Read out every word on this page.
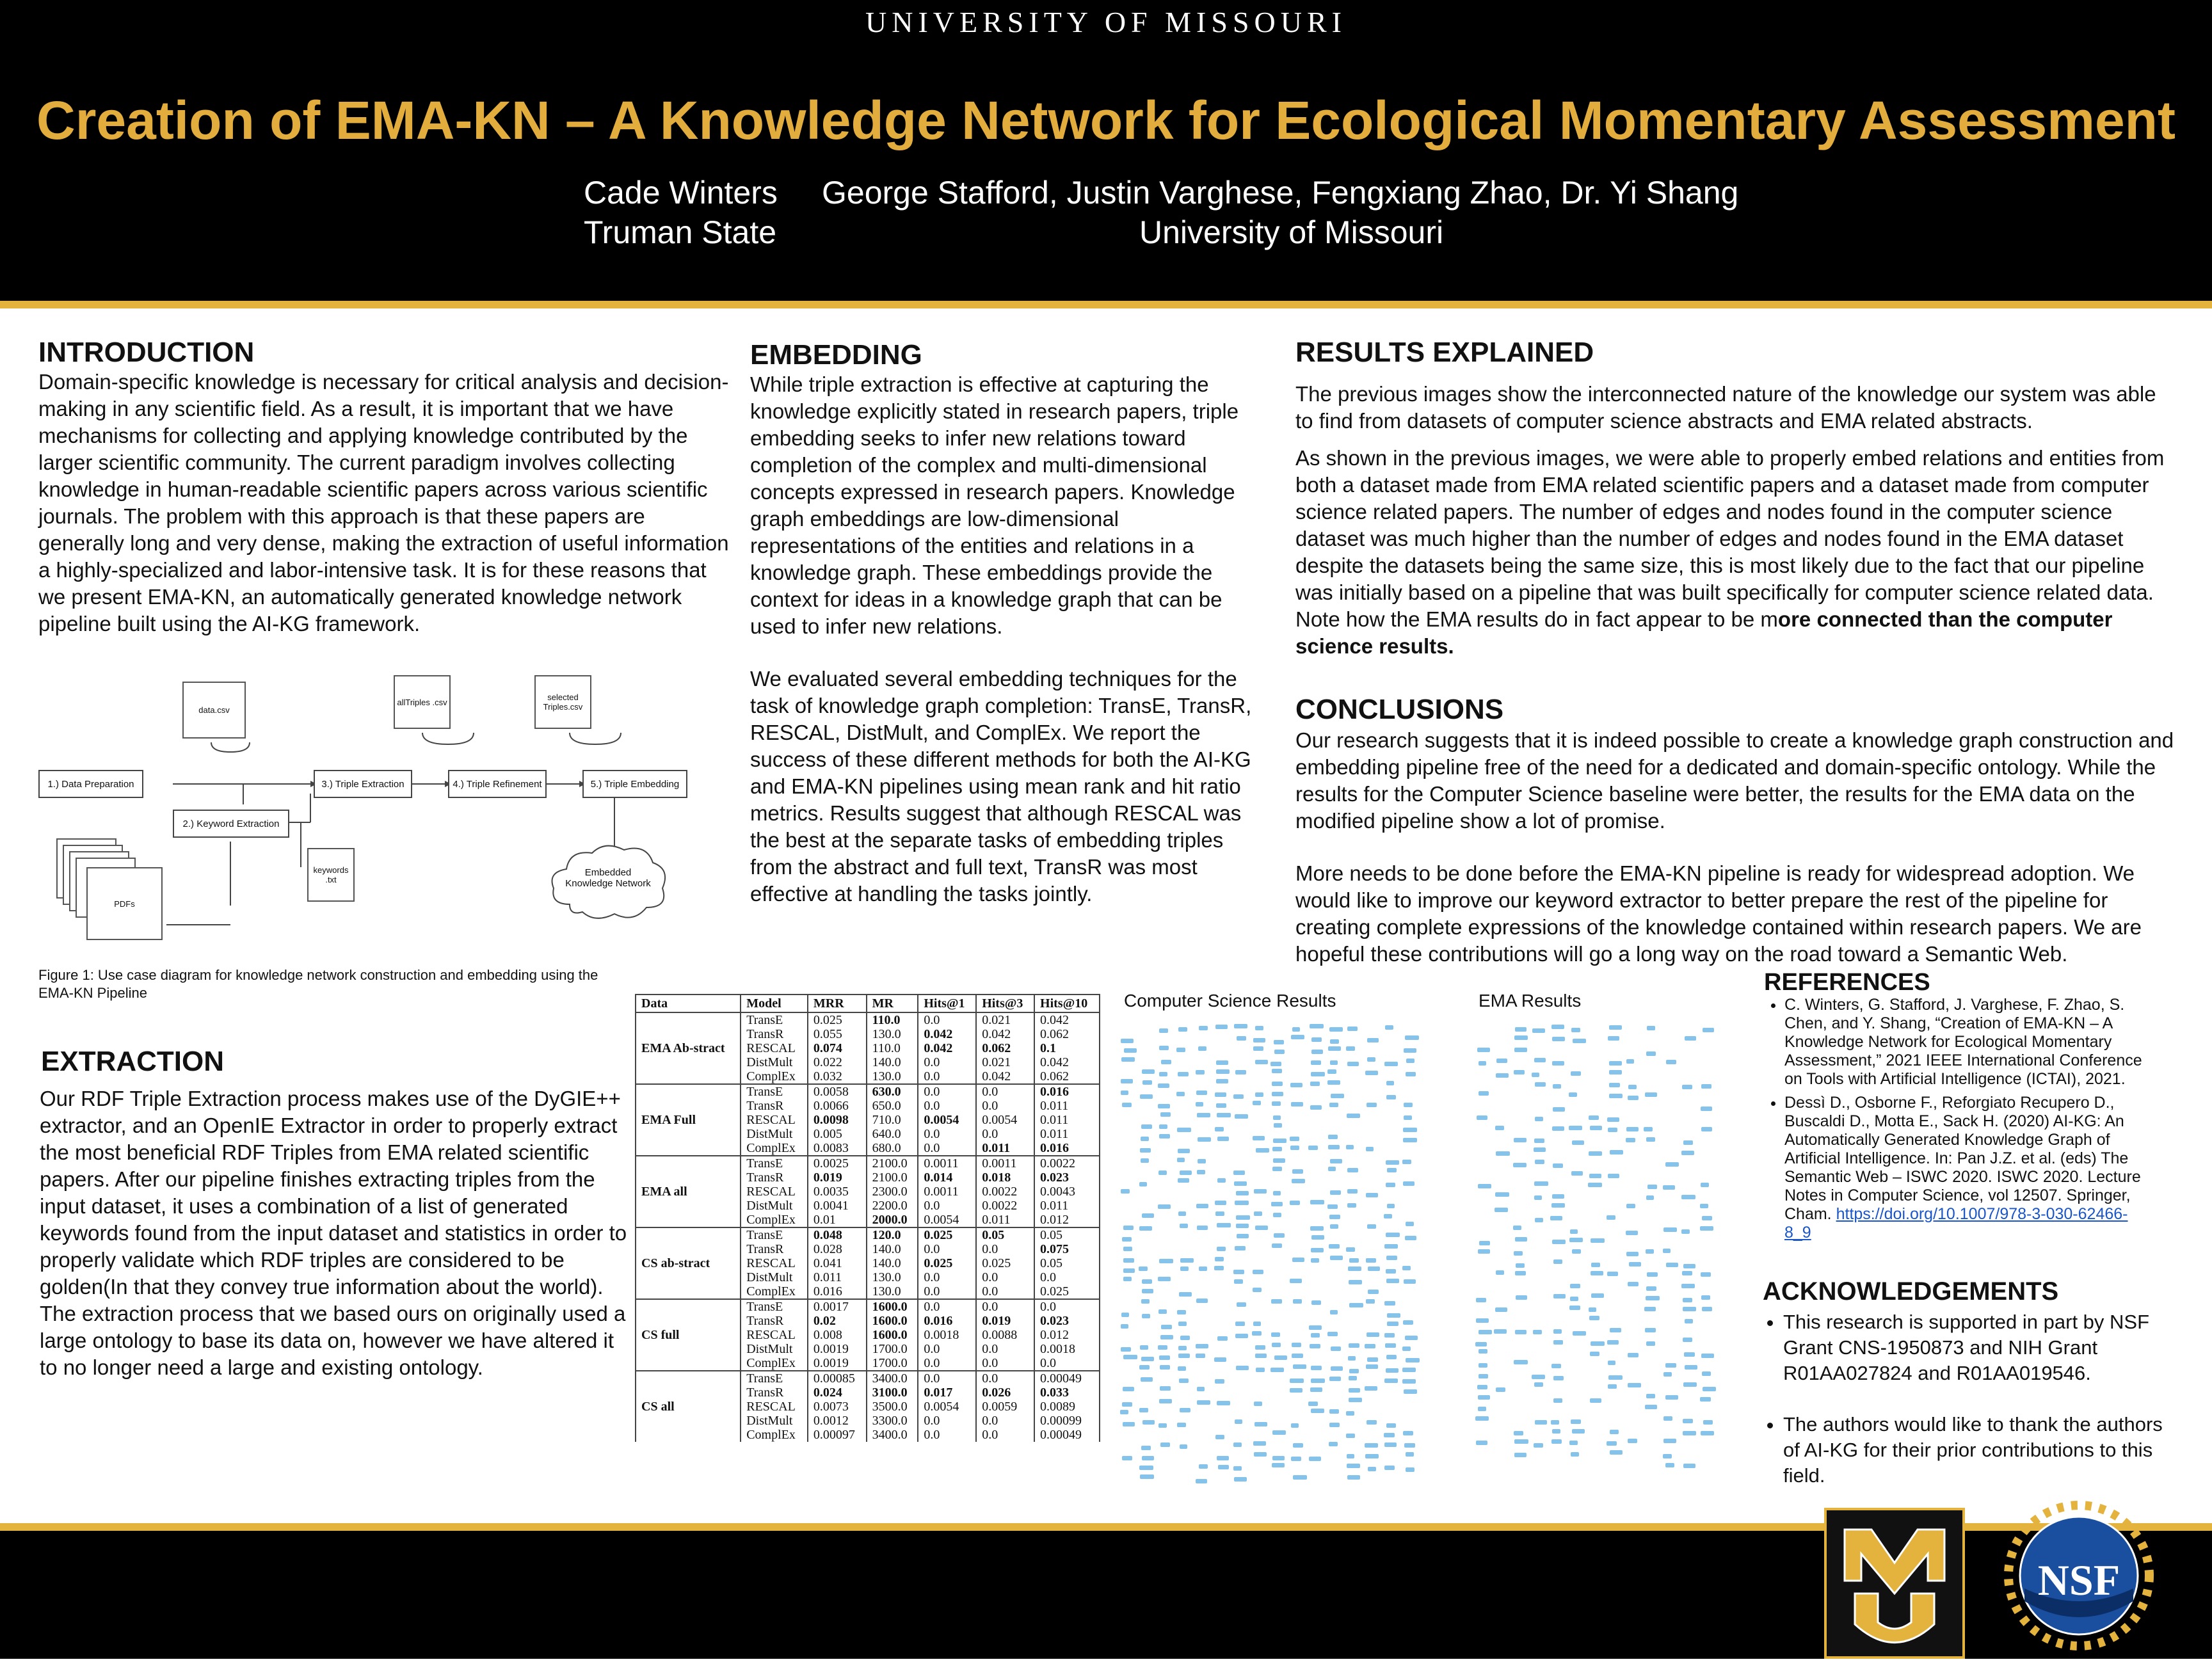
UNIVERSITY OF MISSOURI
Creation of EMA-KN – A Knowledge Network for Ecological Momentary Assessment
Cade Winters
Truman State
George Stafford, Justin Varghese, Fengxiang Zhao, Dr. Yi Shang
University of Missouri
INTRODUCTION

Domain-specific knowledge is necessary for critical analysis and decision-making in any scientific field. As a result, it is important that we have mechanisms for collecting and applying knowledge contributed by the larger scientific community. The current paradigm involves collecting knowledge in human-readable scientific papers across various scientific journals. The problem with this approach is that these papers are generally long and very dense, making the extraction of useful information a highly-specialized and labor-intensive task. It is for these reasons that we present EMA-KN, an automatically generated knowledge network pipeline built using the AI-KG framework.

data.csv
allTriples .csv	selected Triples.csv
1.) Data Preparation	3.) Triple Extraction	4.) Triple Refinement	5.) Triple Embedding
2.) Keyword Extraction
keywords .txt
PDFs
Embedded Knowledge Network
Figure 1: Use case diagram for knowledge network construction and embedding using the EMA-KN Pipeline
EXTRACTION

Our RDF Triple Extraction process makes use of the DyGIE++ extractor, and an OpenIE Extractor in order to properly extract the most beneficial RDF Triples from EMA related scientific papers. After our pipeline finishes extracting triples from the input dataset, it uses a combination of a list of generated keywords found from the input dataset and statistics in order to properly validate which RDF triples are considered to be golden(In that they convey true information about the world). The extraction process that we based ours on originally used a large ontology to base its data on, however we have altered it to no longer need a large and existing ontology.

EMBEDDING

While triple extraction is effective at capturing the knowledge explicitly stated in research papers, triple embedding seeks to infer new relations toward completion of the complex and multi-dimensional concepts expressed in research papers. Knowledge graph embeddings are low-dimensional representations of the entities and relations in a knowledge graph. These embeddings provide the context for ideas in a knowledge graph that can be used to infer new relations.

We evaluated several embedding techniques for the task of knowledge graph completion: TransE, TransR, RESCAL, DistMult, and ComplEx. We report the success of these different methods for both the AI-KG and EMA-KN pipelines using mean rank and hit ratio metrics. Results suggest that although RESCAL was the best at the separate tasks of embedding triples from the abstract and full text, TransR was most effective at handling the tasks jointly.

RESULTS EXPLAINED

The previous images show the interconnected nature of the knowledge our system was able to find from datasets of computer science abstracts and EMA related abstracts.

As shown in the previous images, we were able to properly embed relations and entities from both a dataset made from EMA related scientific papers and a dataset made from computer science related papers. The number of edges and nodes found in the computer science dataset was much higher than the number of edges and nodes found in the EMA dataset despite the datasets being the same size, this is most likely due to the fact that our pipeline was initially based on a pipeline that was built specifically for computer science related data. Note how the EMA results do in fact appear to be more connected than the computer science results.

CONCLUSIONS

Our research suggests that it is indeed possible to create a knowledge graph construction and embedding pipeline free of the need for a dedicated and domain-specific ontology. While the results for the Computer Science baseline were better, the results for the EMA data on the modified pipeline show a lot of promise.

More needs to be done before the EMA-KN pipeline is ready for widespread adoption. We would like to improve our keyword extractor to better prepare the rest of the pipeline for creating complete expressions of the knowledge contained within research papers. We are hopeful these contributions will go a long way on the road toward a Semantic Web.

Data	Model	MRR	MR	Hits@1	Hits@3	Hits@10
EMA Ab-stract	TransE	0.025	110.0	0.0	0.021	0.042
	TransR	0.055	130.0	0.042	0.042	0.062
	RESCAL	0.074	110.0	0.042	0.062	0.1
	DistMult	0.022	140.0	0.0	0.021	0.042
	ComplEx	0.032	130.0	0.0	0.042	0.062
EMA Full	TransE	0.0058	630.0	0.0	0.0	0.016
	TransR	0.0066	650.0	0.0	0.0	0.011
	RESCAL	0.0098	710.0	0.0054	0.0054	0.011
	DistMult	0.005	640.0	0.0	0.0	0.011
	ComplEx	0.0083	680.0	0.0	0.011	0.016
EMA all	TransE	0.0025	2100.0	0.0011	0.0011	0.0022
	TransR	0.019	2100.0	0.014	0.018	0.023
	RESCAL	0.0035	2300.0	0.0011	0.0022	0.0043
	DistMult	0.0041	2200.0	0.0	0.0022	0.011
	ComplEx	0.01	2000.0	0.0054	0.011	0.012
CS ab-stract	TransE	0.048	120.0	0.025	0.05	0.05
	TransR	0.028	140.0	0.0	0.0	0.075
	RESCAL	0.041	140.0	0.025	0.025	0.05
	DistMult	0.011	130.0	0.0	0.0	0.0
	ComplEx	0.016	130.0	0.0	0.0	0.025
CS full	TransE	0.0017	1600.0	0.0	0.0	0.0
	TransR	0.02	1600.0	0.016	0.019	0.023
	RESCAL	0.008	1600.0	0.0018	0.0088	0.012
	DistMult	0.0019	1700.0	0.0	0.0	0.0018
	ComplEx	0.0019	1700.0	0.0	0.0	0.0
CS all	TransE	0.00085	3400.0	0.0	0.0	0.00049
	TransR	0.024	3100.0	0.017	0.026	0.033
	RESCAL	0.0073	3500.0	0.0054	0.0059	0.0089
	DistMult	0.0012	3300.0	0.0	0.0	0.00099
	ComplEx	0.00097	3400.0	0.0	0.0	0.00049
Computer Science Results	EMA Results
REFERENCES
• C. Winters, G. Stafford, J. Varghese, F. Zhao, S. Chen, and Y. Shang, “Creation of EMA-KN – A Knowledge Network for Ecological Momentary Assessment,” 2021 IEEE International Conference on Tools with Artificial Intelligence (ICTAI), 2021.
• Dessì D., Osborne F., Reforgiato Recupero D., Buscaldi D., Motta E., Sack H. (2020) AI-KG: An Automatically Generated Knowledge Graph of Artificial Intelligence. In: Pan J.Z. et al. (eds) The Semantic Web – ISWC 2020. ISWC 2020. Lecture Notes in Computer Science, vol 12507. Springer, Cham. https://doi.org/10.1007/978-3-030-62466-8_9
ACKNOWLEDGEMENTS
• This research is supported in part by NSF Grant CNS-1950873 and NIH Grant R01AA027824 and R01AA019546.
• The authors would like to thank the authors of AI-KG for their prior contributions to this field.
NSF
